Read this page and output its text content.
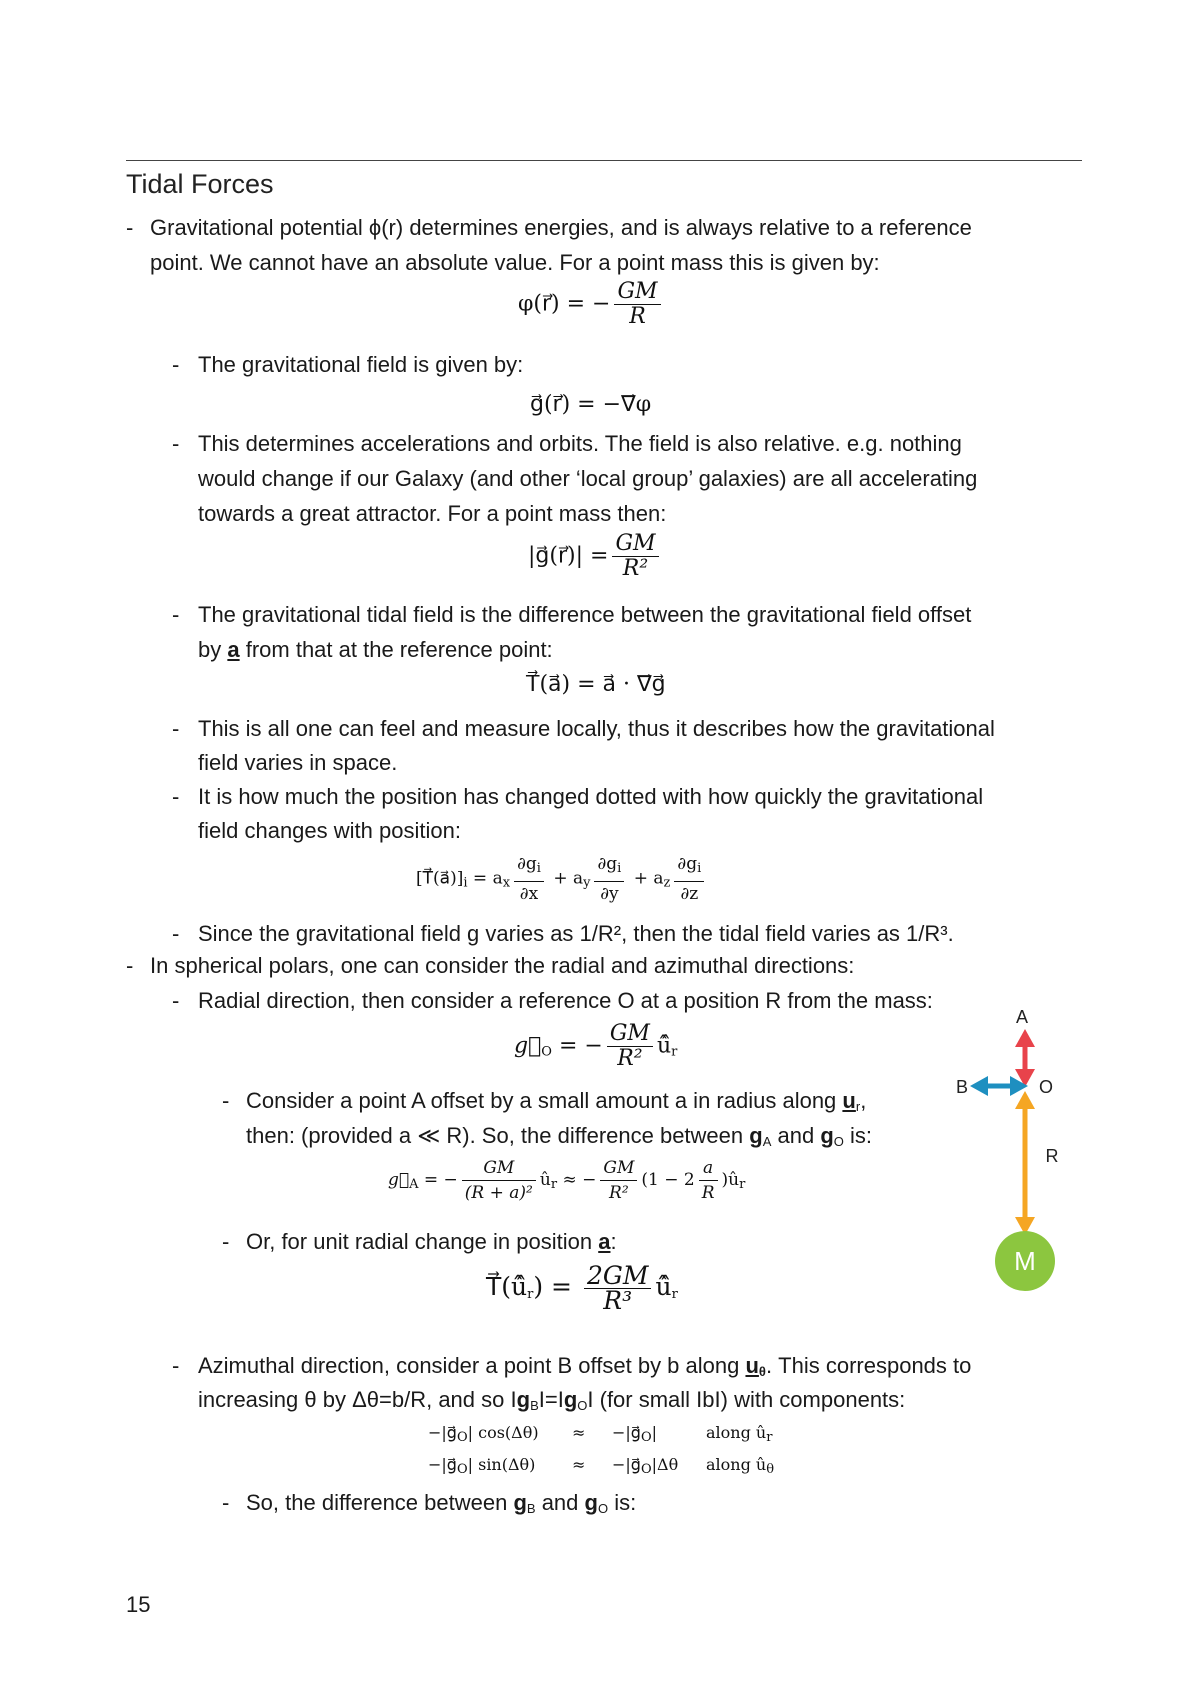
Tidal Forces
- Gravitational potential ϕ(r) determines energies, and is always relative to a reference
point. We cannot have an absolute value. For a point mass this is given by:
φ(r⃗) = − $\frac{GM}{R}$
- The gravitational field is given by:
g⃗(r⃗) = −∇⃗φ
- This determines accelerations and orbits. The field is also relative. e.g. nothing
would change if our Galaxy (and other ‘local group’ galaxies) are all accelerating
towards a great attractor. For a point mass then:
|g⃗(r⃗)| = $\frac{GM}{\text{R²}}$
- The gravitational tidal field is the difference between the gravitational field offset
by a from that at the reference point:
T⃗(a⃗) = a⃗ · ∇⃗g⃗
- This is all one can feel and measure locally, thus it describes how the gravitational
field varies in space.
- It is how much the position has changed dotted with how quickly the gravitational
field changes with position:
$[T⃗(a⃗)]_i = a_x \frac{\partial g_i}{\partial x} + a_y \frac{\partial g_i}{\partial y} + a_z \frac{\partial g_i}{\partial z}$
- Since the gravitational field g varies as 1/R², then the tidal field varies as 1/R³.
- In spherical polars, one can consider the radial and azimuthal directions:
- Radial direction, then consider a reference O at a position R from the mass:
$g⃗_O$ = − $\frac{GM}{\text{R²}}$ $û̂_r$
- Consider a point A offset by a small amount a in radius along $u_r$,
then: (provided a ≪ R). So, the difference between $g_A$ and $g_O$ is:
$g⃗_A$ = − $\frac{GM}{\text{(R + a)²}}$ $û_r$ ≈ − $\frac{GM}{\text{R²}} (1 - 2 \frac{a}{R}$ )$û_r$
- Or, for unit radial change in position a:
$T⃗(û̂_r) = \frac{2GM}{\text{R³}}$ $û̂_r$
- Azimuthal direction, consider a point B offset by b along $u_\theta$. This corresponds to
increasing θ by Δθ=b/R, and so $Ig_BI=Ig_OI$ (for small IbI) with components:
$-|g⃗_O|$ $\cos(\Delta\theta) \approx -|g⃗_O|$	along $û_r$
$-|g⃗_O|$ $\sin(\Delta\theta) \approx -|g⃗_O|\Delta\theta$ along $û_\theta$
- So, the difference between $g_B$ and $g_O$ is:
M
A
B	O
R
15
